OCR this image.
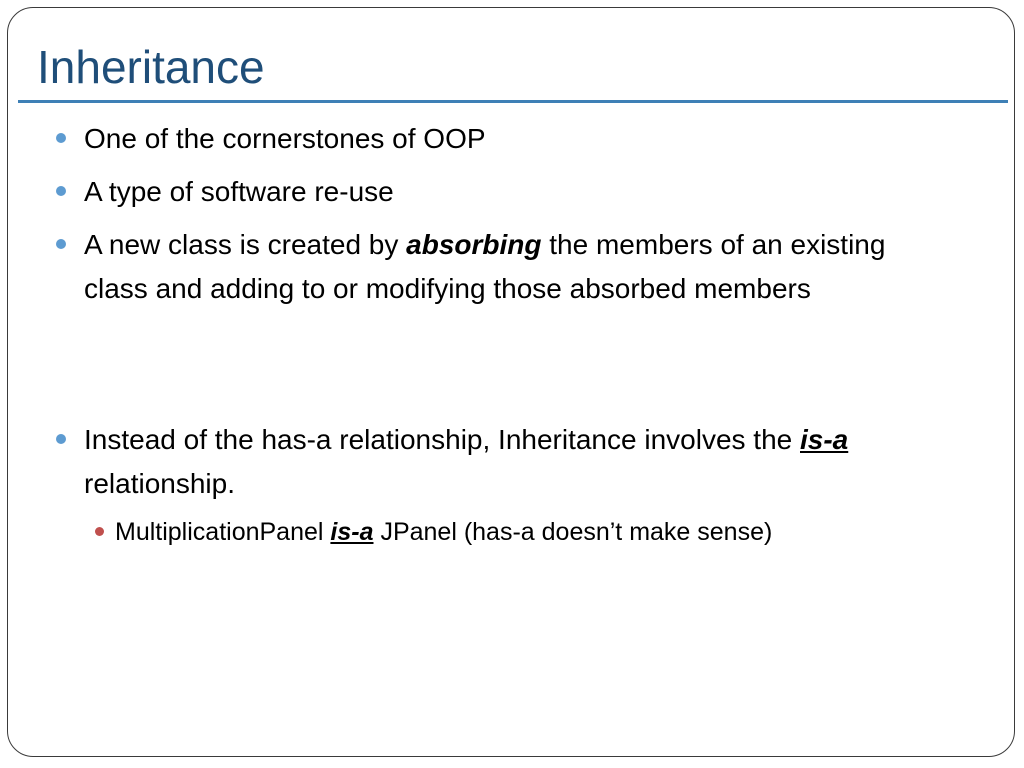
Inheritance
One of the cornerstones of OOP
A type of software re-use
A new class is created by absorbing the members of an existing class and adding to or modifying those absorbed members
Instead of the has-a relationship, Inheritance involves the is-a relationship.
MultiplicationPanel is-a JPanel (has-a doesn’t make sense)
